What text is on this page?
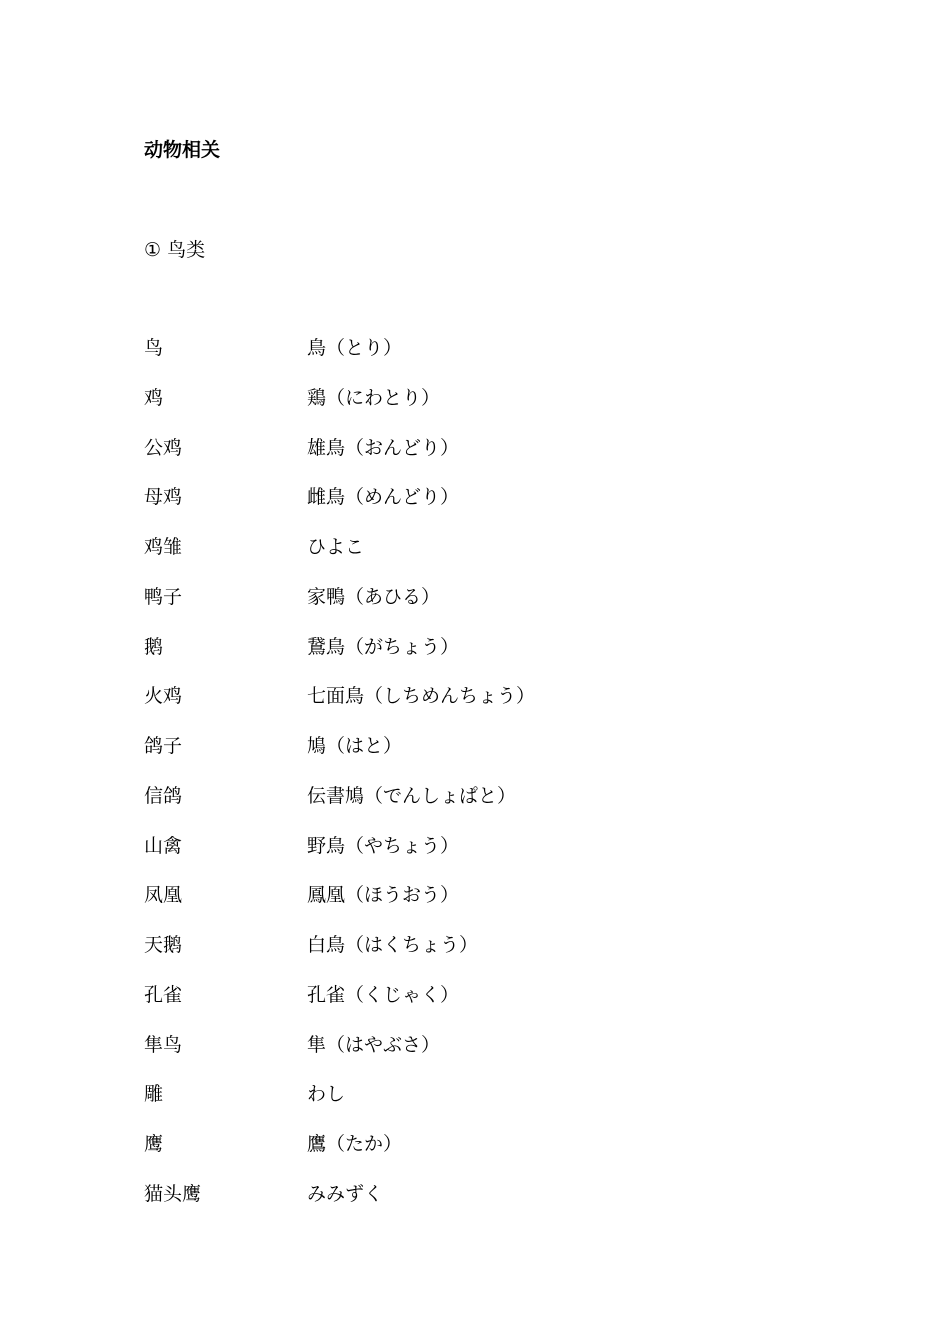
动物相关
① 鸟类
鸟	鳥（とり）
鸡	鶏（にわとり）
公鸡	雄鳥（おんどり）
母鸡	雌鳥（めんどり）
鸡雏	ひよこ
鸭子	家鴨（あひる）
鹅	鵞鳥（がちょう）
火鸡	七面鳥（しちめんちょう）
鸽子	鳩（はと）
信鸽	伝書鳩（でんしょぱと）
山禽	野鳥（やちょう）
凤凰	鳳凰（ほうおう）
天鹅	白鳥（はくちょう）
孔雀	孔雀（くじゃく）
隼鸟	隼（はやぶさ）
雕	わし
鹰	鷹（たか）
猫头鹰	みみずく
